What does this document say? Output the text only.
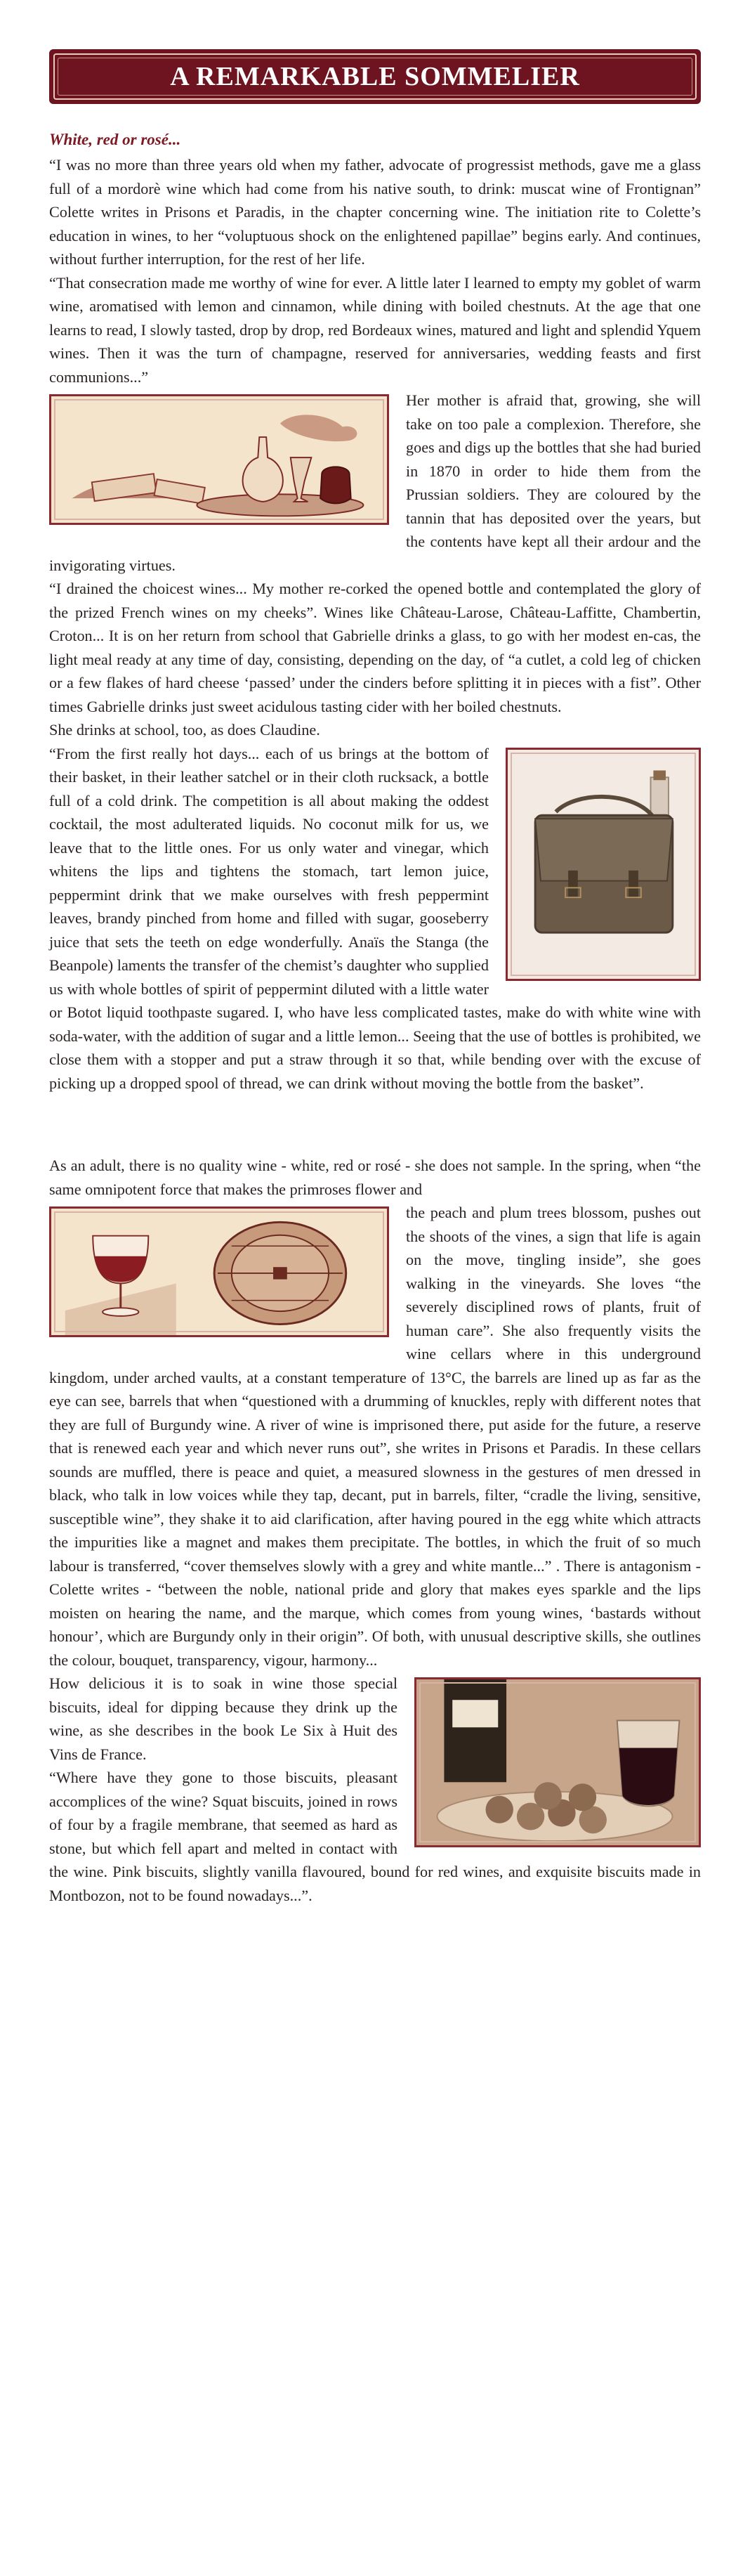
A REMARKABLE SOMMELIER
White, red or rosé...

“I was no more than three years old when my father, advocate of progressist methods, gave me a glass full of a mordorè wine which had come from his native south, to drink: muscat wine of Frontignan” Colette writes in Prisons et Paradis, in the chapter concerning wine. The initiation rite to Colette’s education in wines, to her “voluptuous shock on the enlightened papillae” begins early. And continues, without further interruption, for the rest of her life.

“That consecration made me worthy of wine for ever. A little later I learned to empty my goblet of warm wine, aromatised with lemon and cinnamon, while dining with boiled chestnuts. At the age that one learns to read, I slowly tasted, drop by drop, red Bordeaux wines, matured and light and splendid Yquem wines. Then it was the turn of champagne, reserved for anniversaries, wedding feasts and first communions...”

Her mother is afraid that, growing, she will take on too pale a complexion. Therefore, she goes and digs up the bottles that she had buried in 1870 in order to hide them from the Prussian soldiers. They are coloured by the tannin that has deposited over the years, but the contents have kept all their ardour and the invigorating virtues.

“I drained the choicest wines... My mother re-corked the opened bottle and contemplated the glory of the prized French wines on my cheeks”. Wines like Château-Larose, Château-Laffitte, Chambertin, Croton... It is on her return from school that Gabrielle drinks a glass, to go with her modest en-cas, the light meal ready at any time of day, consisting, depending on the day, of “a cutlet, a cold leg of chicken or a few flakes of hard cheese ‘passed’ under the cinders before splitting it in pieces with a fist”. Other times Gabrielle drinks just sweet acidulous tasting cider with her boiled chestnuts.

She drinks at school, too, as does Claudine.

“From the first really hot days... each of us brings at the bottom of their basket, in their leather satchel or in their cloth rucksack, a bottle full of a cold drink. The competition is all about making the oddest cocktail, the most adulterated liquids. No coconut milk for us, we leave that to the little ones. For us only water and vinegar, which whitens the lips and tightens the stomach, tart lemon juice, peppermint drink that we make ourselves with fresh peppermint leaves, brandy pinched from home and filled with sugar, gooseberry juice that sets the teeth on edge wonderfully. Anaïs the Stanga (the Beanpole) laments the transfer of the chemist’s daughter who supplied us with whole bottles of spirit of peppermint diluted with a little water or Botot liquid toothpaste sugared. I, who have less complicated tastes, make do with white wine with soda-water, with the addition of sugar and a little lemon... Seeing that the use of bottles is prohibited, we close them with a stopper and put a straw through it so that, while bending over with the excuse of picking up a dropped spool of thread, we can drink without moving the bottle from the basket”.

As an adult, there is no quality wine - white, red or rosé - she does not sample. In the spring, when “the same omnipotent force that makes the primroses flower and

the peach and plum trees blossom, pushes out the shoots of the vines, a sign that life is again on the move, tingling inside”, she goes walking in the vineyards. She loves “the severely disciplined rows of plants, fruit of human care”. She also frequently visits the wine cellars where in this underground kingdom, under arched vaults, at a constant temperature of 13°C, the barrels are lined up as far as the eye can see, barrels that when “questioned with a drumming of knuckles, reply with different notes that they are full of Burgundy wine. A river of wine is imprisoned there, put aside for the future, a reserve that is renewed each year and which never runs out”, she writes in Prisons et Paradis. In these cellars sounds are muffled, there is peace and quiet, a measured slowness in the gestures of men dressed in black, who talk in low voices while they tap, decant, put in barrels, filter, “cradle the living, sensitive, susceptible wine”, they shake it to aid clarification, after having poured in the egg white which attracts the impurities like a magnet and makes them precipitate. The bottles, in which the fruit of so much labour is transferred, “cover themselves slowly with a grey and white mantle...” . There is antagonism - Colette writes - “between the noble, national pride and glory that makes eyes sparkle and the lips moisten on hearing the name, and the marque, which comes from young wines, ‘bastards without honour’, which are Burgundy only in their origin”. Of both, with unusual descriptive skills, she outlines the colour, bouquet, transparency, vigour, harmony...

How delicious it is to soak in wine those special biscuits, ideal for dipping because they drink up the wine, as she describes in the book Le Six à Huit des Vins de France.

“Where have they gone to those biscuits, pleasant accomplices of the wine? Squat biscuits, joined in rows of four by a fragile membrane, that seemed as hard as stone, but which fell apart and melted in contact with the wine. Pink biscuits, slightly vanilla flavoured, bound for red wines, and exquisite biscuits made in Montbozon, not to be found nowadays...”.
